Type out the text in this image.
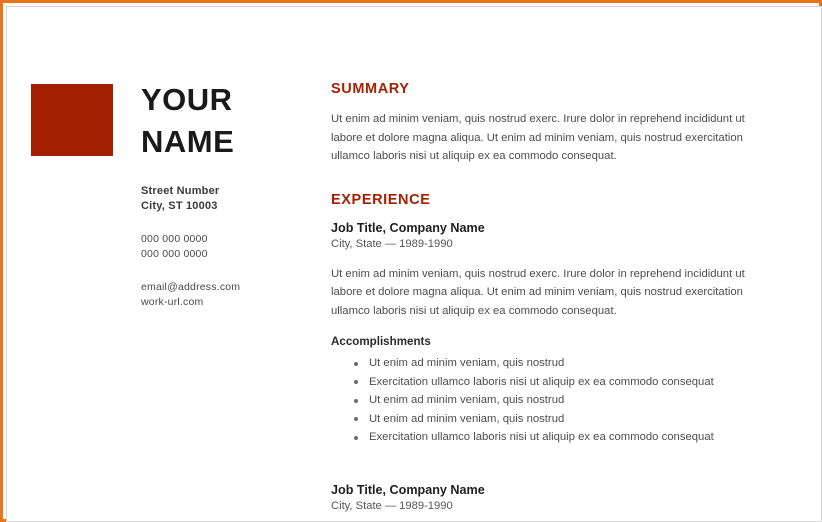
YOUR
NAME
Street Number
City, ST 10003
000 000 0000
000 000 0000
email@address.com
work-url.com
SUMMARY

Ut enim ad minim veniam, quis nostrud exerc. Irure dolor in reprehend incididunt ut labore et dolore magna aliqua. Ut enim ad minim veniam, quis nostrud exercitation ullamco laboris nisi ut aliquip ex ea commodo consequat.

EXPERIENCE
Job Title, Company Name
City, State — 1989-1990

Ut enim ad minim veniam, quis nostrud exerc. Irure dolor in reprehend incididunt ut labore et dolore magna aliqua. Ut enim ad minim veniam, quis nostrud exercitation ullamco laboris nisi ut aliquip ex ea commodo consequat.

Accomplishments
Ut enim ad minim veniam, quis nostrud
Exercitation ullamco laboris nisi ut aliquip ex ea commodo consequat
Ut enim ad minim veniam, quis nostrud
Ut enim ad minim veniam, quis nostrud
Exercitation ullamco laboris nisi ut aliquip ex ea commodo consequat
Job Title, Company Name
City, State — 1989-1990
